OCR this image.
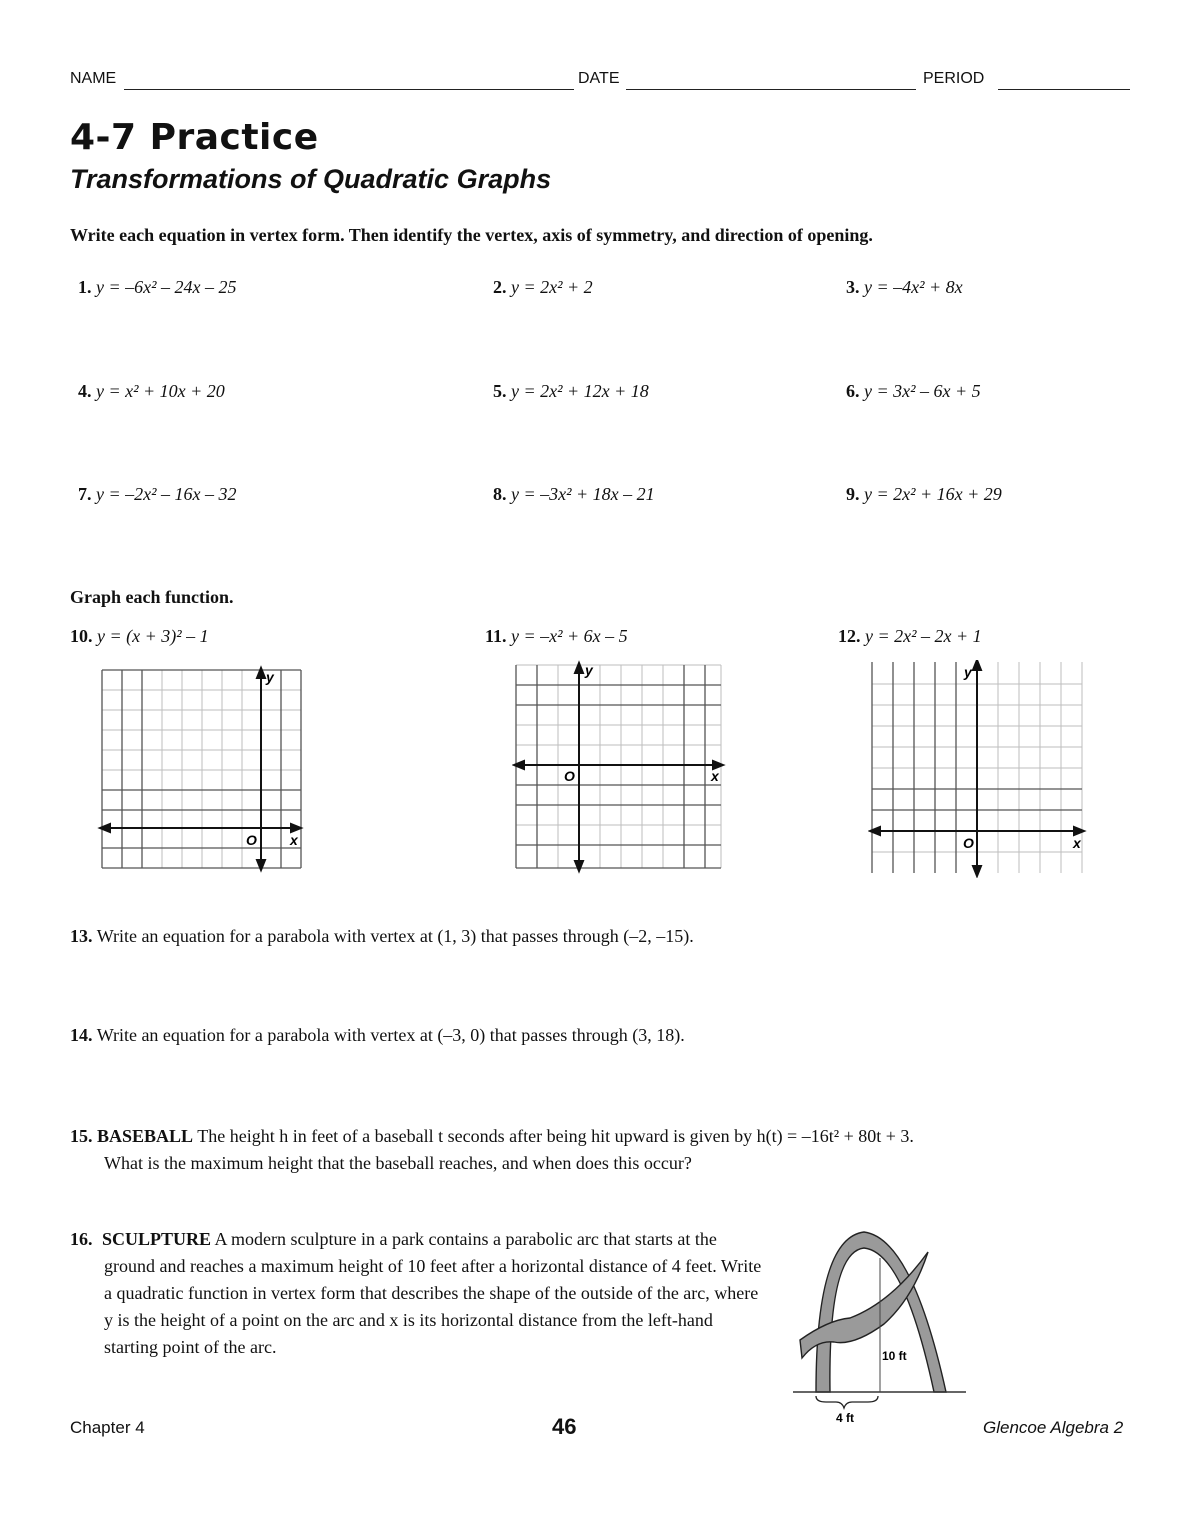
NAME	DATE	PERIOD
4-7 Practice
Transformations of Quadratic Graphs
Write each equation in vertex form. Then identify the vertex, axis of symmetry, and direction of opening.
1. y = –6x² – 24x – 25	2. y = 2x² + 2	3. y = –4x² + 8x
4. y = x² + 10x + 20	5. y = 2x² + 12x + 18	6. y = 3x² – 6x + 5
7. y = –2x² – 16x – 32	8. y = –3x² + 18x – 21	9. y = 2x² + 16x + 29
Graph each function.
10. y = (x + 3)² – 1	11. y = –x² + 6x – 5	12. y = 2x² – 2x + 1
y
O x
y
O	x
y
O	x
13. Write an equation for a parabola with vertex at (1, 3) that passes through (–2, –15).
14. Write an equation for a parabola with vertex at (–3, 0) that passes through (3, 18).
15. BASEBALL The height h in feet of a baseball t seconds after being hit upward is given by h(t) = –16t² + 80t + 3.
What is the maximum height that the baseball reaches, and when does this occur?
16. SCULPTURE A modern sculpture in a park contains a parabolic arc that starts at the ground and reaches a maximum height of 10 feet after a horizontal distance of 4 feet. Write a quadratic function in vertex form that describes the shape of the outside of the arc, where y is the height of a point on the arc and x is its horizontal distance from the left-hand starting point of the arc.	10 ft
4 ft
Chapter 4	46	Glencoe Algebra 2
